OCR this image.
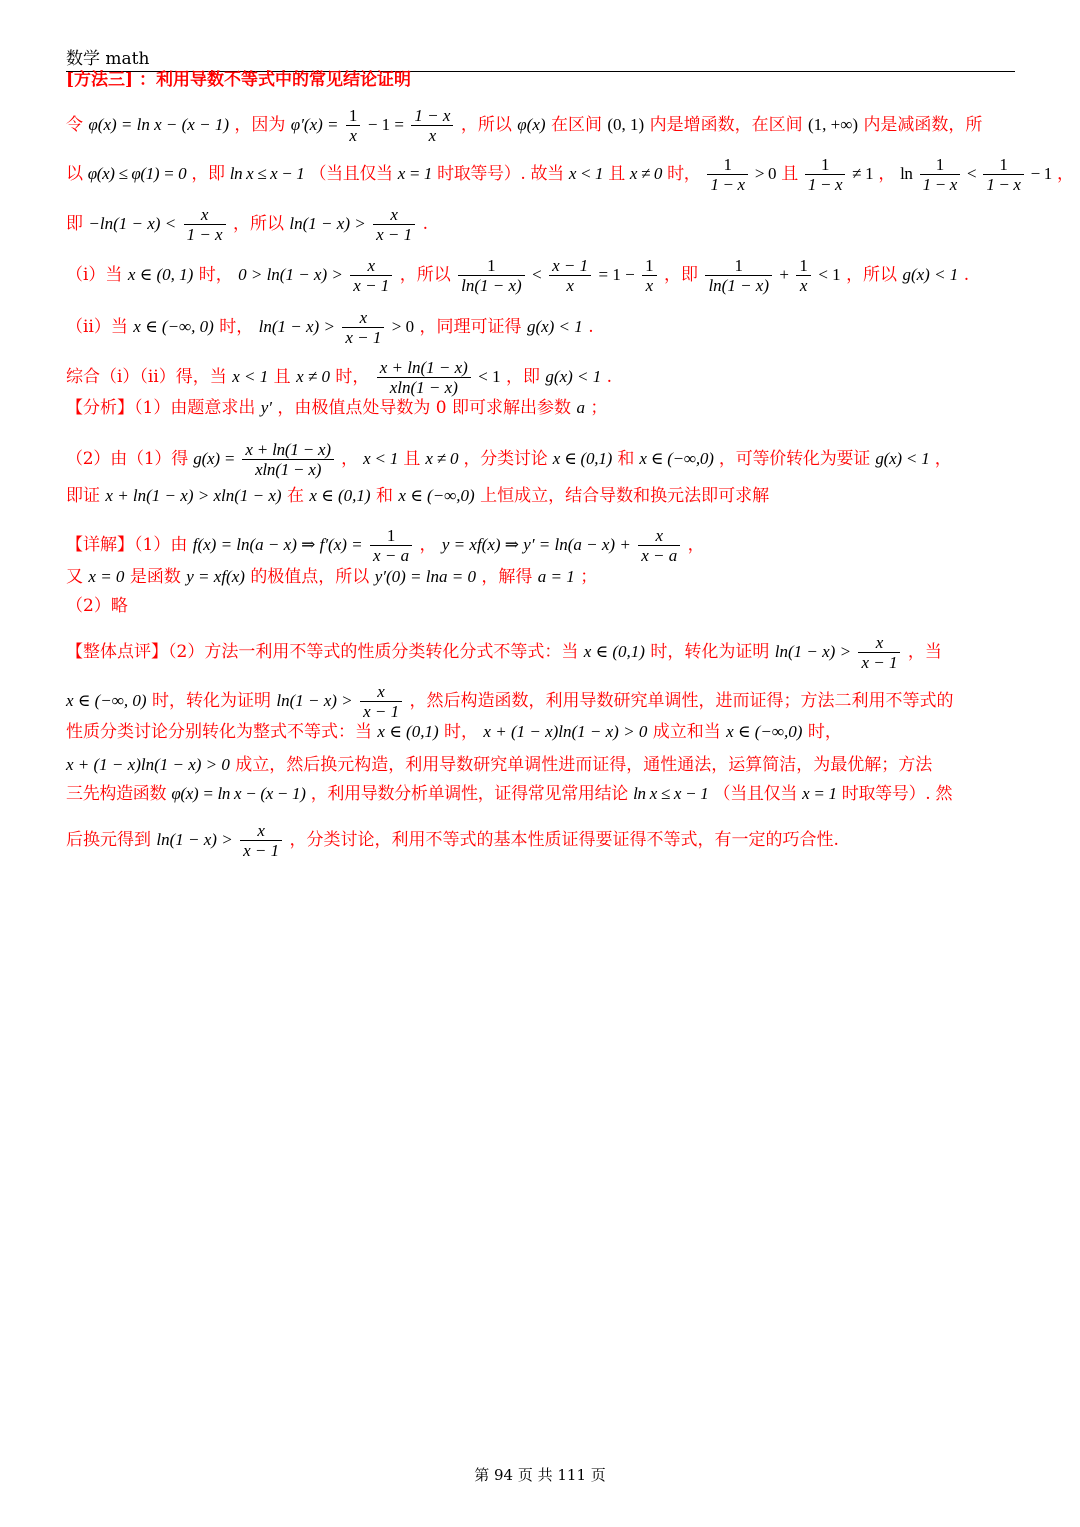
数学 math
[方法三] ：利用导数不等式中的常见结论证明
令 φ(x) = ln x − (x − 1) ，因为 $\varphi'(x) = \frac{1}{x} - 1 = \frac{1 - x}{x}$ ，所以 φ(x) 在区间 (0, 1) 内是增函数，在区间 (1, +∞) 内是减函数，所
以 φ(x) ≤ φ(1) = 0 ，即 ln x ≤ x − 1 （当且仅当 x = 1 时取等号）. 故当 x < 1 且 x ≠ 0 时， $\frac{1}{1 - x} > 0$ 且 $\frac{1}{1 - x} \ne 1$ ， $\ln \frac{1}{1 - x} < \frac{1}{1 - x} - 1$ ，
即 $-\ln(1 - x) < \frac{x}{1 - x}$ ，所以 $\ln(1 - x) > \frac{x}{x - 1}$ .
（ⅰ）当 x ∈ (0, 1) 时， $0 > \ln(1 - x) > \frac{x}{x - 1}$ ，所以 $\frac{1}{\ln(1 - x)} < \frac{x - 1}{x} = 1 - \frac{1}{x}$ ，即 $\frac{1}{\ln(1 - x)} + \frac{1}{x} < 1$ ，所以 g(x) < 1 .
（ⅱ）当 x ∈ (−∞, 0) 时， $\ln(1 - x) > \frac{x}{x - 1} > 0$ ，同理可证得 g(x) < 1 .
综合（ⅰ）（ⅱ）得，当 x < 1 且 x ≠ 0 时， $\frac{x + \ln(1 - x)}{xln(1 - x)} < 1$ ，即 g(x) < 1 .
【分析】（1）由题意求出 y′ ，由极值点处导数为 0 即可求解出参数 a ；
（2）由（1）得 $g(x) = \frac{x + \ln(1 - x)}{xln(1 - x)}$ ， x < 1 且 x ≠ 0 ，分类讨论 x ∈ (0,1) 和 x ∈ (−∞,0) ，可等价转化为要证 g(x) < 1 ，
即证 x + ln(1 − x) > xln(1 − x) 在 x ∈ (0,1) 和 x ∈ (−∞,0) 上恒成立，结合导数和换元法即可求解
【详解】（1）由 f(x) = ln(a − x) ⇒ $f'(x) = \frac{1}{x - a}$ ， y = xf(x) ⇒ $y' = \ln(a - x) + \frac{x}{x - a}$ ，
又 x = 0 是函数 y = xf(x) 的极值点，所以 y′(0) = lna = 0 ，解得 a = 1 ；
（2）略
【整体点评】（2）方法一利用不等式的性质分类转化分式不等式：当 x ∈ (0,1) 时，转化为证明 $\ln(1 - x) > \frac{x}{x - 1}$ ，当
x ∈ (−∞, 0) 时，转化为证明 $\ln(1 - x) > \frac{x}{x - 1}$ ，然后构造函数，利用导数研究单调性，进而证得；方法二利用不等式的
性质分类讨论分别转化为整式不等式：当 x ∈ (0,1) 时， x + (1 − x)ln(1 − x) > 0 成立和当 x ∈ (−∞,0) 时，
x + (1 − x)ln(1 − x) > 0 成立，然后换元构造，利用导数研究单调性进而证得，通性通法，运算简洁，为最优解；方法
三先构造函数 φ(x) = ln x − (x − 1) ，利用导数分析单调性，证得常见常用结论 ln x ≤ x − 1 （当且仅当 x = 1 时取等号）. 然
后换元得到 $\ln(1 - x) > \frac{x}{x - 1}$ ，分类讨论，利用不等式的基本性质证得要证得不等式，有一定的巧合性.
第 94 页 共 111 页
